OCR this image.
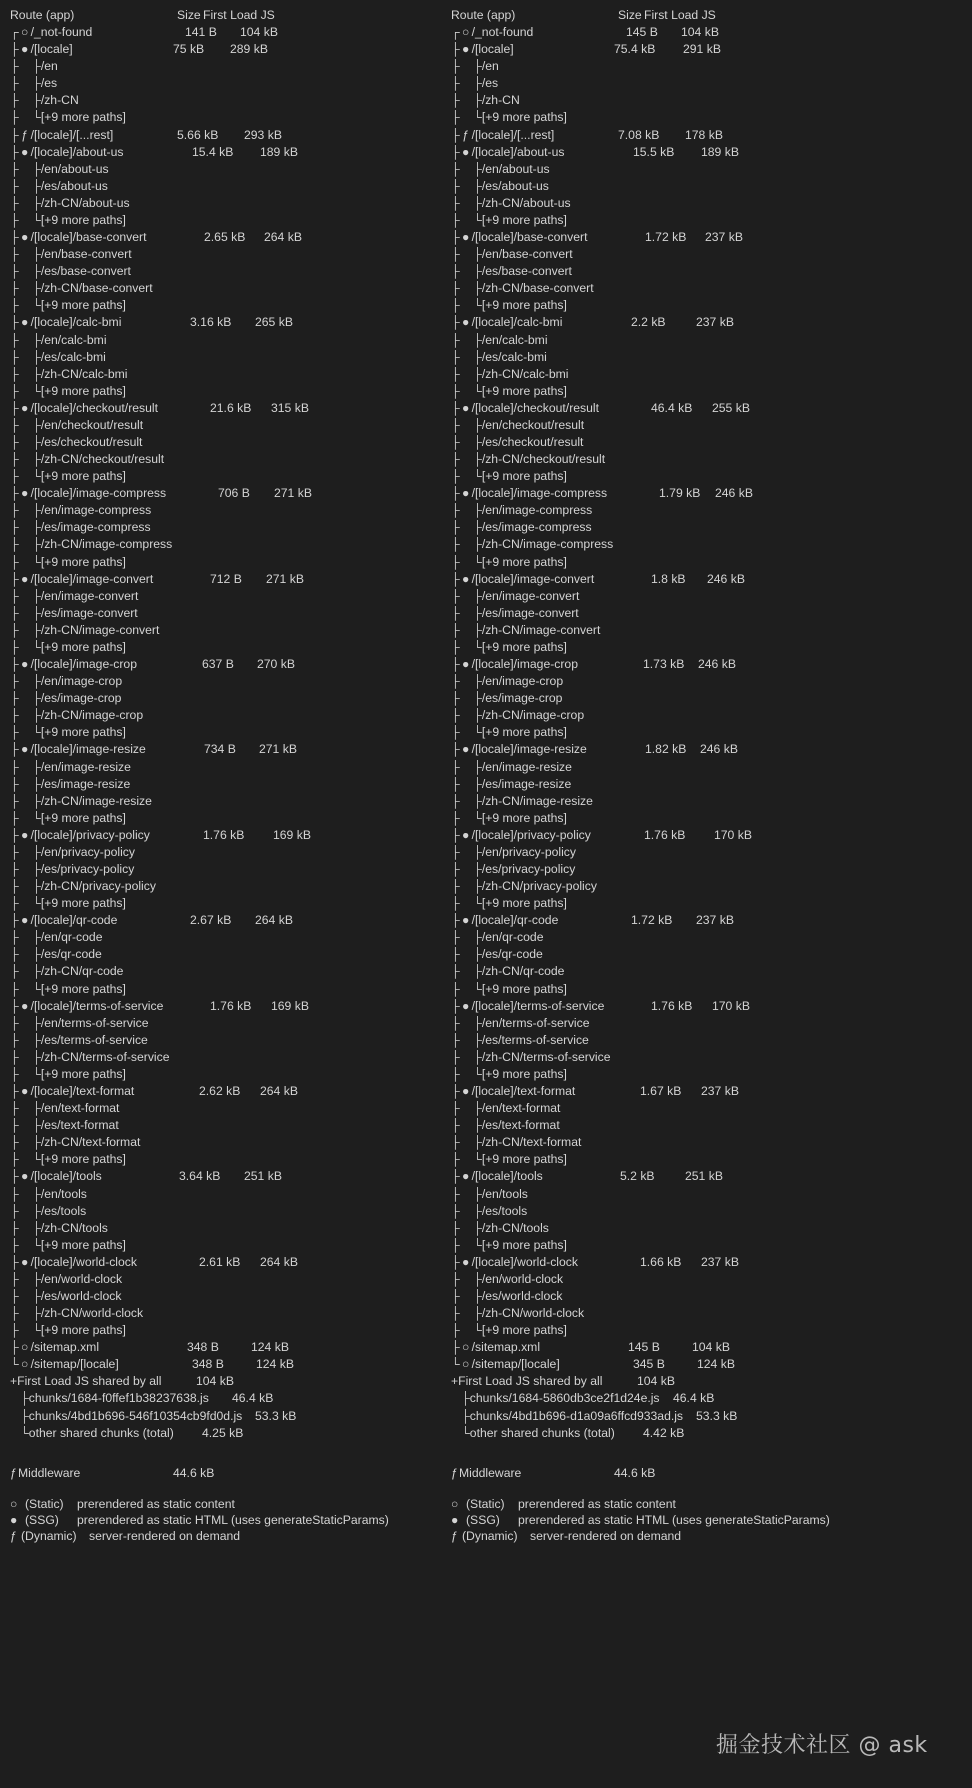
Route (app)	Size First Load JS
┌ ○ /_not-found	141 B 104 kB
├ ● /[locale]	75 kB 289 kB
├    ├/en
├    ├/es
├    ├/zh-CN
├    └[+9 more paths]
├ ƒ /[locale]/[...rest]	5.66 kB 293 kB
├ ● /[locale]/about-us	15.4 kB 189 kB
├    ├/en/about-us
├    ├/es/about-us
├    ├/zh-CN/about-us
├    └[+9 more paths]
├ ● /[locale]/base-convert	2.65 kB 264 kB
├    ├/en/base-convert
├    ├/es/base-convert
├    ├/zh-CN/base-convert
├    └[+9 more paths]
├ ● /[locale]/calc-bmi	3.16 kB 265 kB
├    ├/en/calc-bmi
├    ├/es/calc-bmi
├    ├/zh-CN/calc-bmi
├    └[+9 more paths]
├ ● /[locale]/checkout/result	21.6 kB 315 kB
├    ├/en/checkout/result
├    ├/es/checkout/result
├    ├/zh-CN/checkout/result
├    └[+9 more paths]
├ ● /[locale]/image-compress	706 B 271 kB
├    ├/en/image-compress
├    ├/es/image-compress
├    ├/zh-CN/image-compress
├    └[+9 more paths]
├ ● /[locale]/image-convert	712 B 271 kB
├    ├/en/image-convert
├    ├/es/image-convert
├    ├/zh-CN/image-convert
├    └[+9 more paths]
├ ● /[locale]/image-crop	637 B 270 kB
├    ├/en/image-crop
├    ├/es/image-crop
├    ├/zh-CN/image-crop
├    └[+9 more paths]
├ ● /[locale]/image-resize	734 B 271 kB
├    ├/en/image-resize
├    ├/es/image-resize
├    ├/zh-CN/image-resize
├    └[+9 more paths]
├ ● /[locale]/privacy-policy	1.76 kB 169 kB
├    ├/en/privacy-policy
├    ├/es/privacy-policy
├    ├/zh-CN/privacy-policy
├    └[+9 more paths]
├ ● /[locale]/qr-code	2.67 kB 264 kB
├    ├/en/qr-code
├    ├/es/qr-code
├    ├/zh-CN/qr-code
├    └[+9 more paths]
├ ● /[locale]/terms-of-service	1.76 kB 169 kB
├    ├/en/terms-of-service
├    ├/es/terms-of-service
├    ├/zh-CN/terms-of-service
├    └[+9 more paths]
├ ● /[locale]/text-format	2.62 kB 264 kB
├    ├/en/text-format
├    ├/es/text-format
├    ├/zh-CN/text-format
├    └[+9 more paths]
├ ● /[locale]/tools	3.64 kB 251 kB
├    ├/en/tools
├    ├/es/tools
├    ├/zh-CN/tools
├    └[+9 more paths]
├ ● /[locale]/world-clock	2.61 kB 264 kB
├    ├/en/world-clock
├    ├/es/world-clock
├    ├/zh-CN/world-clock
├    └[+9 more paths]
├ ○ /sitemap.xml	348 B	124 kB
└ ○ /sitemap/[locale]	348 B	124 kB
+First Load JS shared by all	104 kB
├chunks/1684-f0ffef1b38237638.js 46.4 kB
├chunks/4bd1b696-546f10354cb9fd0d.js 53.3 kB
└other shared chunks (total) 4.25 kB
ƒ Middleware	44.6 kB
○ (Static) prerendered as static content
● (SSG) prerendered as static HTML (uses generateStaticParams)
ƒ (Dynamic) server-rendered on demand
Route (app)	Size First Load JS
┌ ○ /_not-found	145 B 104 kB
├ ● /[locale]	75.4 kB 291 kB
├    ├/en
├    ├/es
├    ├/zh-CN
├    └[+9 more paths]
├ ƒ /[locale]/[...rest]	7.08 kB 178 kB
├ ● /[locale]/about-us	15.5 kB 189 kB
├    ├/en/about-us
├    ├/es/about-us
├    ├/zh-CN/about-us
├    └[+9 more paths]
├ ● /[locale]/base-convert	1.72 kB 237 kB
├    ├/en/base-convert
├    ├/es/base-convert
├    ├/zh-CN/base-convert
├    └[+9 more paths]
├ ● /[locale]/calc-bmi	2.2 kB 237 kB
├    ├/en/calc-bmi
├    ├/es/calc-bmi
├    ├/zh-CN/calc-bmi
├    └[+9 more paths]
├ ● /[locale]/checkout/result	46.4 kB 255 kB
├    ├/en/checkout/result
├    ├/es/checkout/result
├    ├/zh-CN/checkout/result
├    └[+9 more paths]
├ ● /[locale]/image-compress	1.79 kB 246 kB
├    ├/en/image-compress
├    ├/es/image-compress
├    ├/zh-CN/image-compress
├    └[+9 more paths]
├ ● /[locale]/image-convert	1.8 kB 246 kB
├    ├/en/image-convert
├    ├/es/image-convert
├    ├/zh-CN/image-convert
├    └[+9 more paths]
├ ● /[locale]/image-crop	1.73 kB 246 kB
├    ├/en/image-crop
├    ├/es/image-crop
├    ├/zh-CN/image-crop
├    └[+9 more paths]
├ ● /[locale]/image-resize	1.82 kB 246 kB
├    ├/en/image-resize
├    ├/es/image-resize
├    ├/zh-CN/image-resize
├    └[+9 more paths]
├ ● /[locale]/privacy-policy	1.76 kB 170 kB
├    ├/en/privacy-policy
├    ├/es/privacy-policy
├    ├/zh-CN/privacy-policy
├    └[+9 more paths]
├ ● /[locale]/qr-code	1.72 kB 237 kB
├    ├/en/qr-code
├    ├/es/qr-code
├    ├/zh-CN/qr-code
├    └[+9 more paths]
├ ● /[locale]/terms-of-service	1.76 kB 170 kB
├    ├/en/terms-of-service
├    ├/es/terms-of-service
├    ├/zh-CN/terms-of-service
├    └[+9 more paths]
├ ● /[locale]/text-format	1.67 kB 237 kB
├    ├/en/text-format
├    ├/es/text-format
├    ├/zh-CN/text-format
├    └[+9 more paths]
├ ● /[locale]/tools	5.2 kB 251 kB
├    ├/en/tools
├    ├/es/tools
├    ├/zh-CN/tools
├    └[+9 more paths]
├ ● /[locale]/world-clock	1.66 kB 237 kB
├    ├/en/world-clock
├    ├/es/world-clock
├    ├/zh-CN/world-clock
├    └[+9 more paths]
├ ○ /sitemap.xml	145 B	104 kB
└ ○ /sitemap/[locale]	345 B	124 kB
+First Load JS shared by all	104 kB
├chunks/1684-5860db3ce2f1d24e.js 46.4 kB
├chunks/4bd1b696-d1a09a6ffcd933ad.js 53.3 kB
└other shared chunks (total) 4.42 kB
ƒ Middleware	44.6 kB
○ (Static) prerendered as static content
● (SSG) prerendered as static HTML (uses generateStaticParams)
ƒ (Dynamic) server-rendered on demand
掘金技术社区 @ ask
